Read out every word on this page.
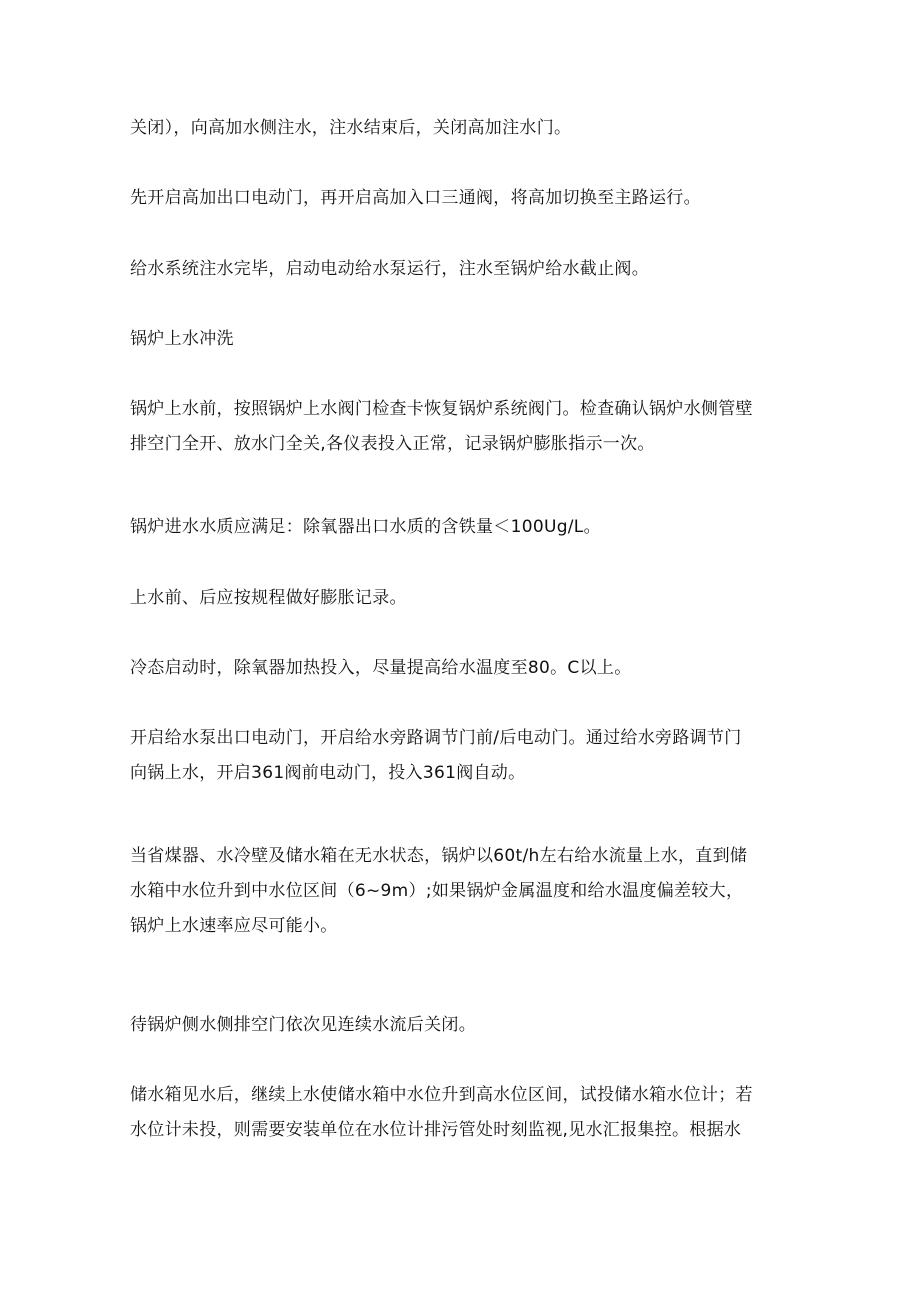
关闭），向高加水侧注水，注水结束后，关闭高加注水门。

先开启高加出口电动门，再开启高加入口三通阀，将高加切换至主路运行。

给水系统注水完毕，启动电动给水泵运行，注水至锅炉给水截止阀。

锅炉上水冲洗

锅炉上水前，按照锅炉上水阀门检查卡恢复锅炉系统阀门。检查确认锅炉水侧管壁
排空门全开、放水门全关,各仪表投入正常，记录锅炉膨胀指示一次。

锅炉进水水质应满足：除氧器出口水质的含铁量＜100Ug/L。

上水前、后应按规程做好膨胀记录。

冷态启动时，除氧器加热投入，尽量提高给水温度至80。C以上。

开启给水泵出口电动门，开启给水旁路调节门前/后电动门。通过给水旁路调节门
向锅上水，开启361阀前电动门，投入361阀自动。

当省煤器、水冷壁及储水箱在无水状态，锅炉以60t/h左右给水流量上水，直到储
水箱中水位升到中水位区间（6~9m）;如果锅炉金属温度和给水温度偏差较大，
锅炉上水速率应尽可能小。

待锅炉侧水侧排空门依次见连续水流后关闭。

储水箱见水后，继续上水使储水箱中水位升到高水位区间，试投储水箱水位计；若
水位计未投，则需要安装单位在水位计排污管处时刻监视,见水汇报集控。根据水
